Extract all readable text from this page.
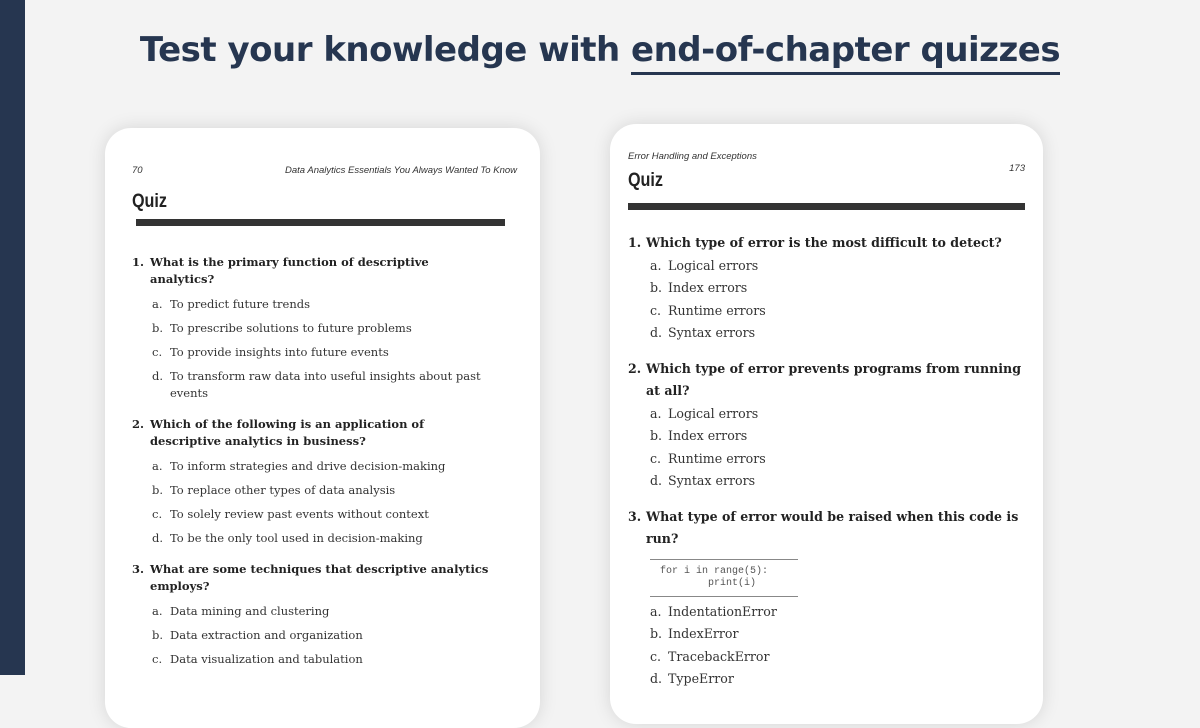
Test your knowledge with end-of-chapter quizzes
70	Data Analytics Essentials You Always Wanted To Know
Quiz
1. What is the primary function of descriptive analytics?
a. To predict future trends
b. To prescribe solutions to future problems
c. To provide insights into future events
d. To transform raw data into useful insights about past events
2. Which of the following is an application of descriptive analytics in business?
a. To inform strategies and drive decision-making
b. To replace other types of data analysis
c. To solely review past events without context
d. To be the only tool used in decision-making
3. What are some techniques that descriptive analytics employs?
a. Data mining and clustering
b. Data extraction and organization
c. Data visualization and tabulation
Error Handling and Exceptions
173
Quiz
1. Which type of error is the most difficult to detect?
a. Logical errors
b. Index errors
c. Runtime errors
d. Syntax errors
2. Which type of error prevents programs from running at all?
a. Logical errors
b. Index errors
c. Runtime errors
d. Syntax errors
3. What type of error would be raised when this code is run?
for i in range(5):
print(i)
a. IndentationError
b. IndexError
c. TracebackError
d. TypeError
